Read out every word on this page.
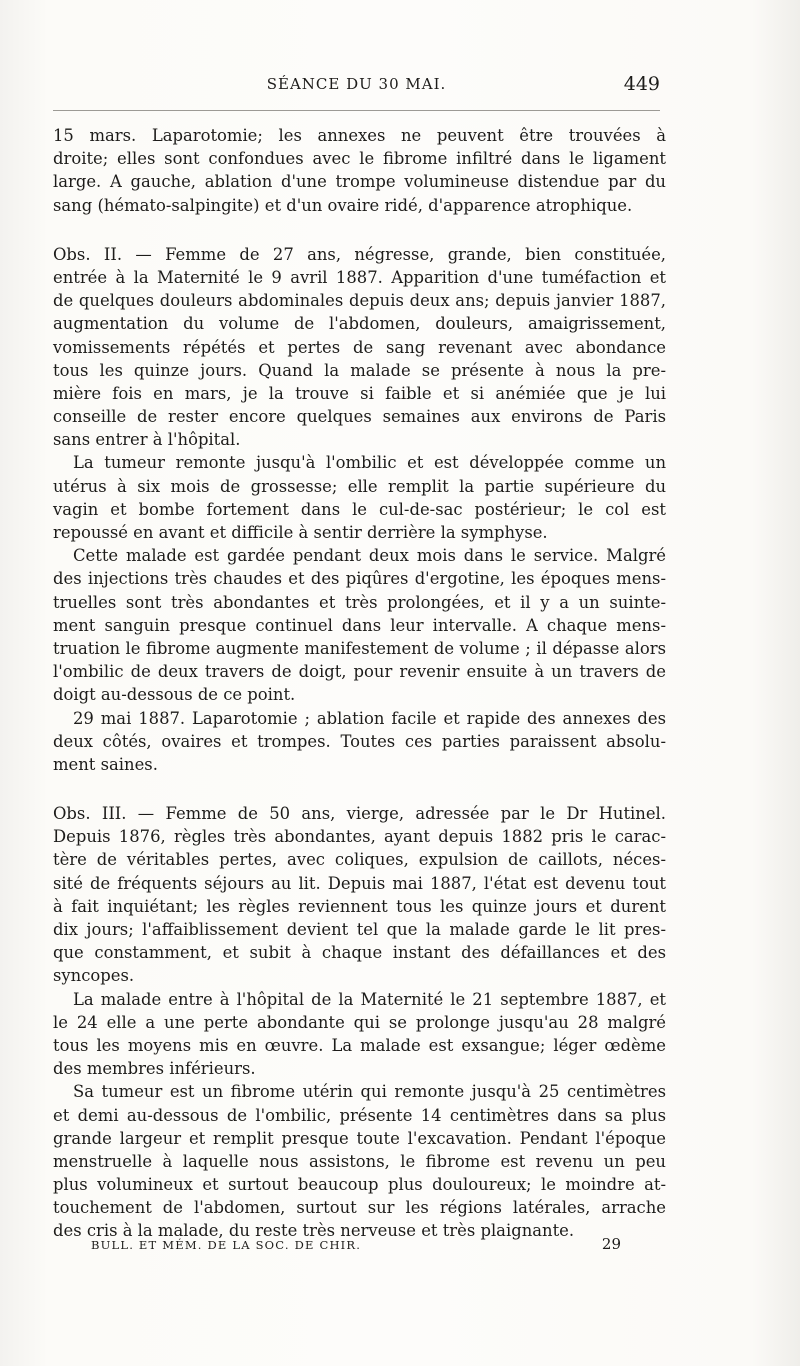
SÉANCE DU 30 MAI.	449

15 mars. Laparotomie; les annexes ne peuvent être trouvées à
droite; elles sont confondues avec le fibrome infiltré dans le ligament
large. A gauche, ablation d'une trompe volumineuse distendue par du
sang (hémato-salpingite) et d'un ovaire ridé, d'apparence atrophique.

Obs. II. — Femme de 27 ans, négresse, grande, bien constituée,
entrée à la Maternité le 9 avril 1887. Apparition d'une tuméfaction et
de quelques douleurs abdominales depuis deux ans; depuis janvier 1887,
augmentation du volume de l'abdomen, douleurs, amaigrissement,
vomissements répétés et pertes de sang revenant avec abondance
tous les quinze jours. Quand la malade se présente à nous la pre-
mière fois en mars, je la trouve si faible et si anémiée que je lui
conseille de rester encore quelques semaines aux environs de Paris
sans entrer à l'hôpital.

La tumeur remonte jusqu'à l'ombilic et est développée comme un
utérus à six mois de grossesse; elle remplit la partie supérieure du
vagin et bombe fortement dans le cul-de-sac postérieur; le col est
repoussé en avant et difficile à sentir derrière la symphyse.

Cette malade est gardée pendant deux mois dans le service. Malgré
des injections très chaudes et des piqûres d'ergotine, les époques mens-
truelles sont très abondantes et très prolongées, et il y a un suinte-
ment sanguin presque continuel dans leur intervalle. A chaque mens-
truation le fibrome augmente manifestement de volume ; il dépasse alors
l'ombilic de deux travers de doigt, pour revenir ensuite à un travers de
doigt au-dessous de ce point.

29 mai 1887. Laparotomie ; ablation facile et rapide des annexes des
deux côtés, ovaires et trompes. Toutes ces parties paraissent absolu-
ment saines.

Obs. III. — Femme de 50 ans, vierge, adressée par le Dr Hutinel.
Depuis 1876, règles très abondantes, ayant depuis 1882 pris le carac-
tère de véritables pertes, avec coliques, expulsion de caillots, néces-
sité de fréquents séjours au lit. Depuis mai 1887, l'état est devenu tout
à fait inquiétant; les règles reviennent tous les quinze jours et durent
dix jours; l'affaiblissement devient tel que la malade garde le lit pres-
que constamment, et subit à chaque instant des défaillances et des
syncopes.

La malade entre à l'hôpital de la Maternité le 21 septembre 1887, et
le 24 elle a une perte abondante qui se prolonge jusqu'au 28 malgré
tous les moyens mis en œuvre. La malade est exsangue; léger œdème
des membres inférieurs.

Sa tumeur est un fibrome utérin qui remonte jusqu'à 25 centimètres
et demi au-dessous de l'ombilic, présente 14 centimètres dans sa plus
grande largeur et remplit presque toute l'excavation. Pendant l'époque
menstruelle à laquelle nous assistons, le fibrome est revenu un peu
plus volumineux et surtout beaucoup plus douloureux; le moindre at-
touchement de l'abdomen, surtout sur les régions latérales, arrache
des cris à la malade, du reste très nerveuse et très plaignante.

BULL. ET MÉM. DE LA SOC. DE CHIR.	29
